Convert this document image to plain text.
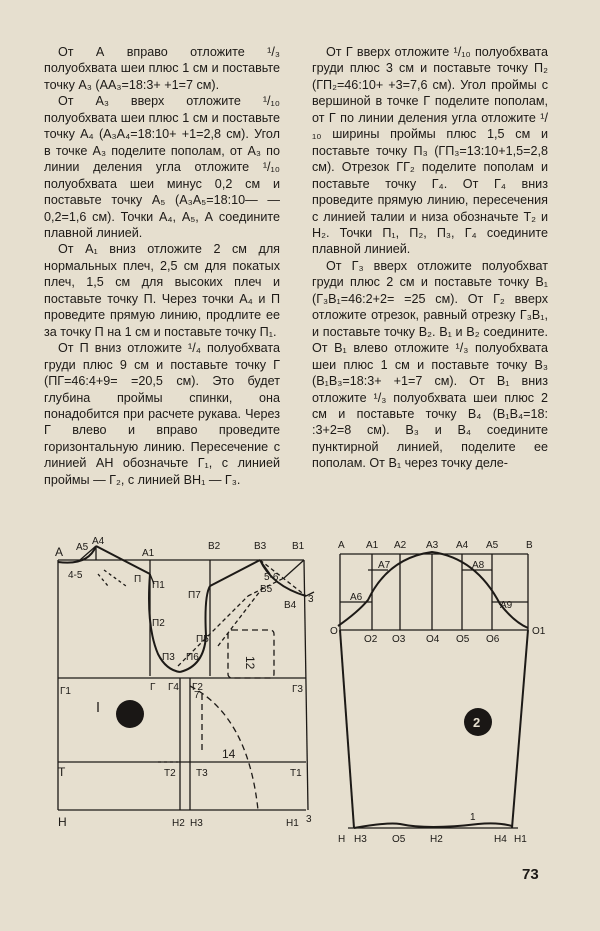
От А вправо отложите ¹/₃ полуобхвата шеи плюс 1 см и поставьте точку А₃ (АА₃=18:3+ +1=7 см).

От А₃ вверх отложите ¹/₁₀ полуобхвата шеи плюс 1 см и поставьте точку А₄ (А₃А₄=18:10+ +1=2,8 см). Угол в точке А₃ поделите пополам, от А₃ по линии деления угла отложите ¹/₁₀ полуобхвата шеи минус 0,2 см и поставьте точку А₅ (А₃А₅=18:10— —0,2=1,6 см). Точки А₄, А₅, А соедините плавной линией.

От А₁ вниз отложите 2 см для нормальных плеч, 2,5 см для покатых плеч, 1,5 см для высоких плеч и поставьте точку П. Через точки А₄ и П проведите прямую линию, продлите ее за точку П на 1 см и поставьте точку П₁.

От П вниз отложите ¹/₄ полуобхвата груди плюс 9 см и поставьте точку Г (ПГ=46:4+9= =20,5 см). Это будет глубина проймы спинки, она понадобится при расчете рукава. Через Г влево и вправо проведите горизонтальную линию. Пересечение с линией АН обозначьте Г₁, с линией проймы — Г₂, с линией ВН₁ — Г₃.

От Г вверх отложите ¹/₁₀ полуобхвата груди плюс 3 см и поставьте точку П₂ (ГП₂=46:10+ +3=7,6 см). Угол проймы с вершиной в точке Г поделите пополам, от Г по линии деления угла отложите ¹/₁₀ ширины проймы плюс 1,5 см и поставьте точку П₃ (ГП₃=13:10+1,5=2,8 см). Отрезок ГГ₂ поделите пополам и поставьте точку Г₄. От Г₄ вниз проведите прямую линию, пересечения с линией талии и низа обозначьте Т₂ и Н₂. Точки П₁, П₂, П₃, Г₄ соедините плавной линией.

От Г₃ вверх отложите полуобхват груди плюс 2 см и поставьте точку В₁ (Г₃В₁=46:2+2= =25 см). От Г₂ вверх отложите отрезок, равный отрезку Г₃В₁, и поставьте точку В₂. В₁ и В₂ соедините. От В₁ влево отложите ¹/₃ полуобхвата шеи плюс 1 см и поставьте точку В₃ (В₁В₃=18:3+ +1=7 см). От В₁ вниз отложите ¹/₃ полуобхвата шеи плюс 2 см и поставьте точку В₄ (В₁В₄=18: :3+2=8 см). В₃ и В₄ соедините пунктирной линией, поделите ее пополам. От В₁ через точку деле-

А А5
А4
А1
В2	В3	В1
4-5	5-6
3
П
П1
П2
П3
П5
П6
П7
В5
В4
Г1	Г Г4 Г2	Г3
12
7
14
Т	Т2 Т3	Т1
Н	Н2 Н3	Н1 3
2
А А1 А2 А3 А4 А5	В
А7	А8
А6
А9
О
О2 О3 О4 О5 О6
О1
Н Н3	О5 Н2
1
Н4 Н1
73
